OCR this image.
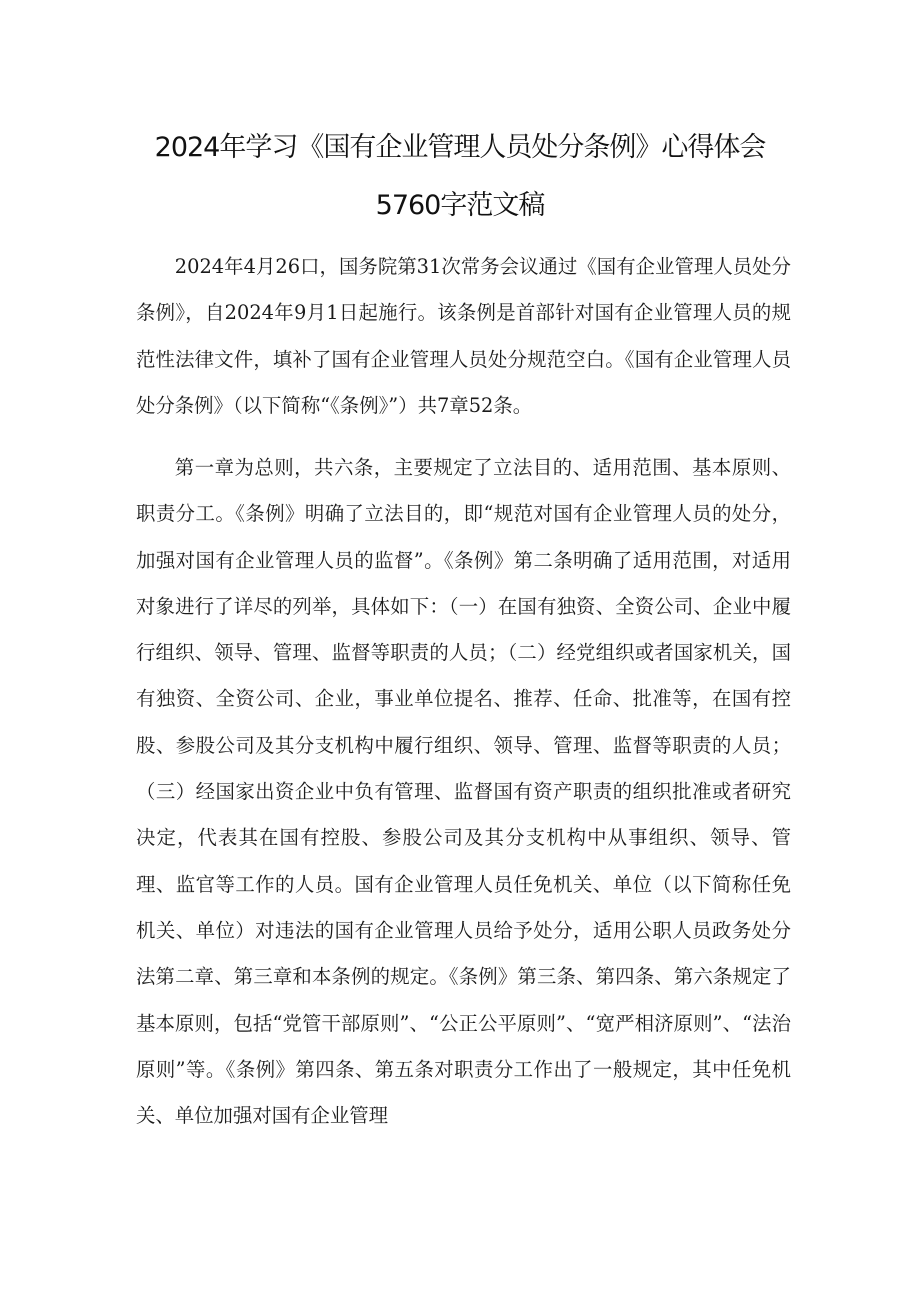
2024年学习《国有企业管理人员处分条例》心得体会
5760字范文稿

2024年4月26口，国务院第31次常务会议通过《国有企业管理人员处分条例》，自2024年9月1日起施行。该条例是首部针对国有企业管理人员的规范性法律文件，填补了国有企业管理人员处分规范空白。《国有企业管理人员处分条例》（以下简称“《条例》”）共7章52条。

第一章为总则，共六条，主要规定了立法目的、适用范围、基本原则、职责分工。《条例》明确了立法目的，即“规范对国有企业管理人员的处分，加强对国有企业管理人员的监督”。《条例》第二条明确了适用范围，对适用对象进行了详尽的列举，具体如下：（一）在国有独资、全资公司、企业中履行组织、领导、管理、监督等职责的人员；（二）经党组织或者国家机关，国有独资、全资公司、企业，事业单位提名、推荐、任命、批准等，在国有控股、参股公司及其分支机构中履行组织、领导、管理、监督等职责的人员；（三）经国家出资企业中负有管理、监督国有资产职责的组织批准或者研究决定，代表其在国有控股、参股公司及其分支机构中从事组织、领导、管理、监官等工作的人员。国有企业管理人员任免机关、单位（以下简称任免机关、单位）对违法的国有企业管理人员给予处分，适用公职人员政务处分法第二章、第三章和本条例的规定。《条例》第三条、第四条、第六条规定了基本原则，包括“党管干部原则”、“公正公平原则”、“宽严相济原则”、“法治原则”等。《条例》第四条、第五条对职责分工作出了一般规定，其中任免机关、单位加强对国有企业管理
